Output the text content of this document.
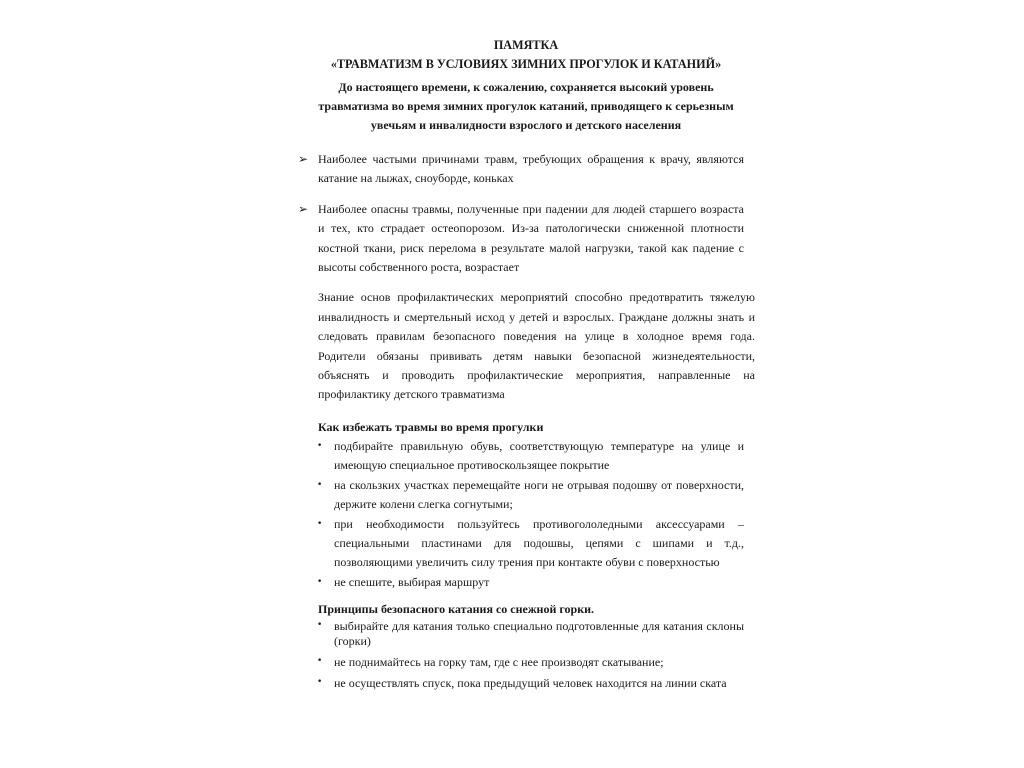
ПАМЯТКА
«ТРАВМАТИЗМ В УСЛОВИЯХ ЗИМНИХ ПРОГУЛОК И КАТАНИЙ»
До настоящего времени, к сожалению, сохраняется высокий уровень травматизма во время зимних прогулок катаний, приводящего к серьезным увечьям и инвалидности взрослого и детского населения
➢ Наиболее частыми причинами травм, требующих обращения к врачу, являются катание на лыжах, сноуборде, коньках
➢ Наиболее опасны травмы, полученные при падении для людей старшего возраста и тех, кто страдает остеопорозом. Из-за патологически сниженной плотности костной ткани, риск перелома в результате малой нагрузки, такой как падение с высоты собственного роста, возрастает
Знание основ профилактических мероприятий способно предотвратить тяжелую инвалидность и смертельный исход у детей и взрослых. Граждане должны знать и следовать правилам безопасного поведения на улице в холодное время года. Родители обязаны прививать детям навыки безопасной жизнедеятельности, объяснять и проводить профилактические мероприятия, направленные на профилактику детского травматизма
Как избежать травмы во время прогулки
• подбирайте правильную обувь, соответствующую температуре на улице и имеющую специальное противоскользящее покрытие
• на скользких участках перемещайте ноги не отрывая подошву от поверхности, держите колени слегка согнутыми;
• при необходимости пользуйтесь противогололедными аксессуарами – специальными пластинами для подошвы, цепями с шипами и т.д., позволяющими увеличить силу трения при контакте обуви с поверхностью
• не спешите, выбирая маршрут
Принципы безопасного катания со снежной горки.
• выбирайте для катания только специально подготовленные для катания склоны (горки)
• не поднимайтесь на горку там, где с нее производят скатывание;
• не осуществлять спуск, пока предыдущий человек находится на линии ската
